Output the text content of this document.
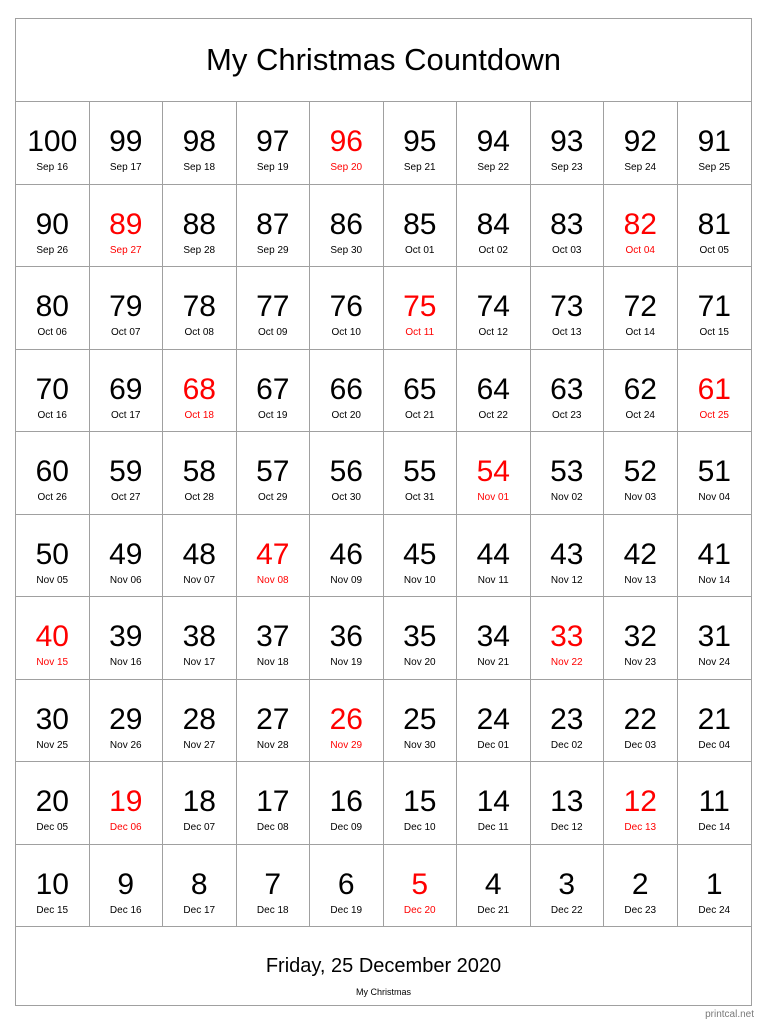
My Christmas Countdown
100
Sep 16
99
Sep 17
98
Sep 18
97
Sep 19
96
Sep 20
95
Sep 21
94
Sep 22
93
Sep 23
92
Sep 24
91
Sep 25
90
Sep 26
89
Sep 27
88
Sep 28
87
Sep 29
86
Sep 30
85
Oct 01
84
Oct 02
83
Oct 03
82
Oct 04
81
Oct 05
80
Oct 06
79
Oct 07
78
Oct 08
77
Oct 09
76
Oct 10
75
Oct 11
74
Oct 12
73
Oct 13
72
Oct 14
71
Oct 15
70
Oct 16
69
Oct 17
68
Oct 18
67
Oct 19
66
Oct 20
65
Oct 21
64
Oct 22
63
Oct 23
62
Oct 24
61
Oct 25
60
Oct 26
59
Oct 27
58
Oct 28
57
Oct 29
56
Oct 30
55
Oct 31
54
Nov 01
53
Nov 02
52
Nov 03
51
Nov 04
50
Nov 05
49
Nov 06
48
Nov 07
47
Nov 08
46
Nov 09
45
Nov 10
44
Nov 11
43
Nov 12
42
Nov 13
41
Nov 14
40
Nov 15
39
Nov 16
38
Nov 17
37
Nov 18
36
Nov 19
35
Nov 20
34
Nov 21
33
Nov 22
32
Nov 23
31
Nov 24
30
Nov 25
29
Nov 26
28
Nov 27
27
Nov 28
26
Nov 29
25
Nov 30
24
Dec 01
23
Dec 02
22
Dec 03
21
Dec 04
20
Dec 05
19
Dec 06
18
Dec 07
17
Dec 08
16
Dec 09
15
Dec 10
14
Dec 11
13
Dec 12
12
Dec 13
11
Dec 14
10
Dec 15
9
Dec 16
8
Dec 17
7
Dec 18
6
Dec 19
5
Dec 20
4
Dec 21
3
Dec 22
2
Dec 23
1
Dec 24
Friday, 25 December 2020
My Christmas
printcal.net
